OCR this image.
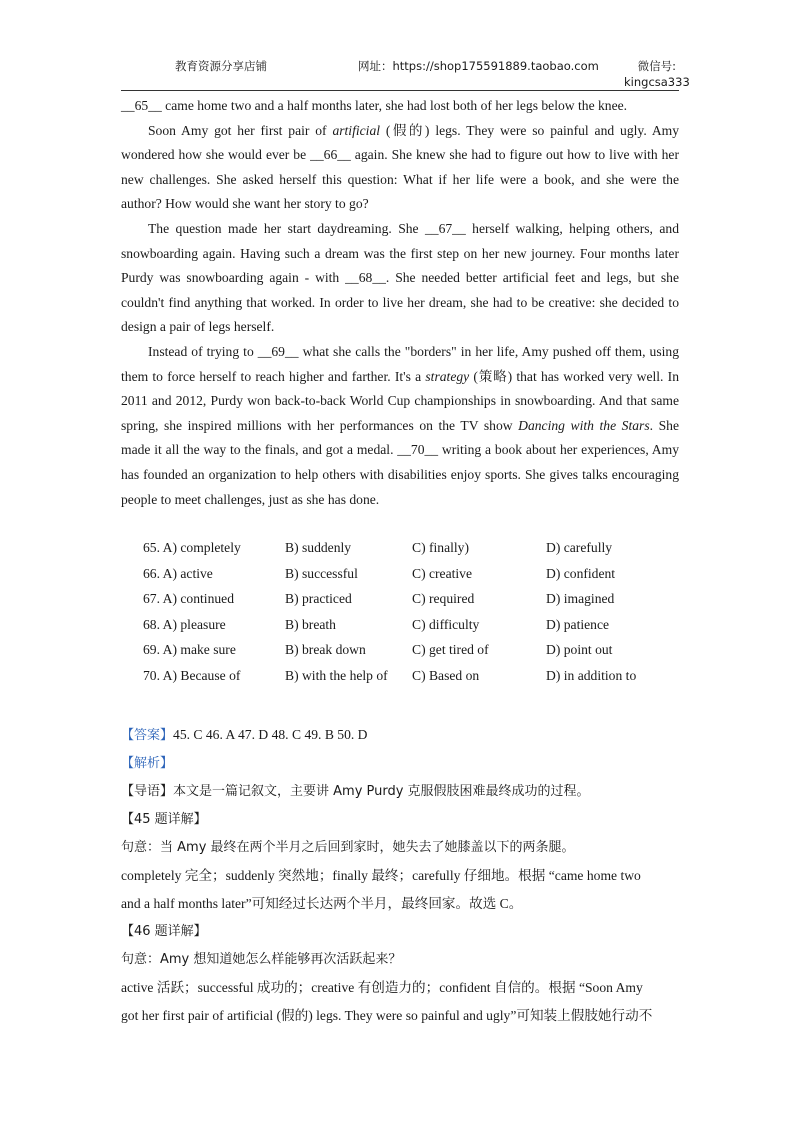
教育资源分享店铺	网址：https://shop175591889.taobao.com	微信号:
kingcsa333

__65__ came home two and a half months later, she had lost both of her legs below the knee.

Soon Amy got her first pair of artificial (假的) legs. They were so painful and ugly. Amy wondered how she would ever be __66__ again. She knew she had to figure out how to live with her new challenges. She asked herself this question: What if her life were a book, and she were the author? How would she want her story to go?

The question made her start daydreaming. She __67__ herself walking, helping others, and snowboarding again. Having such a dream was the first step on her new journey. Four months later Purdy was snowboarding again - with __68__. She needed better artificial feet and legs, but she couldn't find anything that worked. In order to live her dream, she had to be creative: she decided to design a pair of legs herself.

Instead of trying to __69__ what she calls the "borders" in her life, Amy pushed off them, using them to force herself to reach higher and farther. It's a strategy (策略) that has worked very well. In 2011 and 2012, Purdy won back-to-back World Cup championships in snowboarding. And that same spring, she inspired millions with her performances on the TV show Dancing with the Stars. She made it all the way to the finals, and got a medal. __70__ writing a book about her experiences, Amy has founded an organization to help others with disabilities enjoy sports. She gives talks encouraging people to meet challenges, just as she has done.

65. A) completely	B) suddenly	C) finally)	D) carefully
66. A) active	B) successful	C) creative	D) confident
67. A) continued	B) practiced	C) required	D) imagined
68. A) pleasure	B) breath	C) difficulty	D) patience
69. A) make sure	B) break down	C) get tired of	D) point out
70. A) Because of	B) with the help of C) Based on	D) in addition to
【答案】45. C 46. A 47. D 48. C 49. B 50. D
【解析】
【导语】本文是一篇记叙文，主要讲 Amy Purdy 克服假肢困难最终成功的过程。
【45 题详解】
句意：当 Amy 最终在两个半月之后回到家时，她失去了她膝盖以下的两条腿。
completely 完全；suddenly 突然地；finally 最终；carefully 仔细地。根据 “came home two
and a half months later”可知经过长达两个半月，最终回家。故选 C。
【46 题详解】
句意：Amy 想知道她怎么样能够再次活跃起来？
active 活跃；successful 成功的；creative 有创造力的；confident 自信的。根据 “Soon Amy
got her first pair of artificial (假的) legs. They were so painful and ugly”可知装上假肢她行动不
